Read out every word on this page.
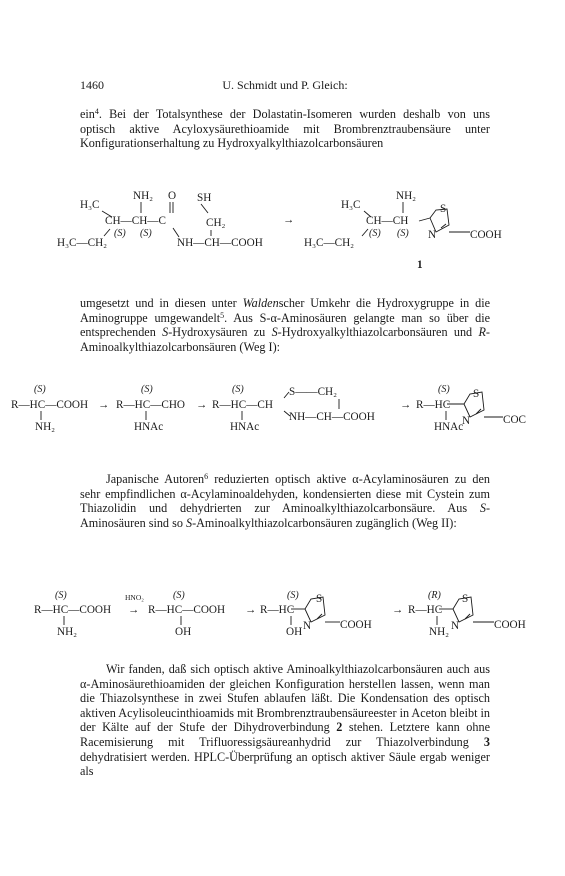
1460	U. Schmidt und P. Gleich:

ein$^4$. Bei der Totalsynthese der Dolastatin-Isomeren wurden deshalb von uns optisch aktive Acyloxysäurethioamide mit Brombrenztraubensäure unter Konfigurationserhaltung zu Hydroxyalkylthiazolcarbonsäuren

H₃C
NH₂ O SH
CH—CH—C	CH₂
(S) (S)
H₃C—CH₂	NH—CH—COOH
→
H₃C
NH₂
CH—CH
S
(S) (S) N	COOH
H₃C—CH₂
1

umgesetzt und in diesen unter Waldenscher Umkehr die Hydroxygruppe in die Aminogruppe umgewandelt$^5$. Aus S-α-Aminosäuren gelangte man so über die entsprechenden S-Hydroxysäuren zu S-Hydroxyalkylthiazolcarbonsäuren und R-Aminoalkylthiazolcarbonsäuren (Weg I):

(S)
R—HC—COOH
NH₂
→
(S)
R—HC—CHO
HNAc
→
(S)
R—HC—CH
S——CH₂
NH—CH—COOH
HNAc
→
(S)
R—HC
S
N	COC
HNAc

Japanische Autoren$^6$ reduzierten optisch aktive α-Acylaminosäuren zu den sehr empfindlichen α-Acylaminoaldehyden, kondensierten diese mit Cystein zum Thiazolidin und dehydrierten zur Aminoalkylthiazolcarbonsäure. Aus S-Aminosäuren sind so S-Aminoalkylthiazolcarbonsäuren zugänglich (Weg II):

(S)
R—HC—COOH
NH₂
HNO₂
→
(S)
R—HC—COOH
OH
→
(S)
R—HC
S
N	COOH
OH
→
(R)
R—HC
S
N	COOH
NH₂

Wir fanden, daß sich optisch aktive Aminoalkylthiazolcarbonsäuren auch aus α-Aminosäurethioamiden der gleichen Konfiguration herstellen lassen, wenn man die Thiazolsynthese in zwei Stufen ablaufen läßt. Die Kondensation des optisch aktiven Acylisoleucinthioamids mit Brombrenztraubensäureester in Aceton bleibt in der Kälte auf der Stufe der Dihydroverbindung 2 stehen. Letztere kann ohne Racemisierung mit Trifluoressigsäureanhydrid zur Thiazolverbindung 3 dehydratisiert werden. HPLC-Überprüfung an optisch aktiver Säule ergab weniger als
